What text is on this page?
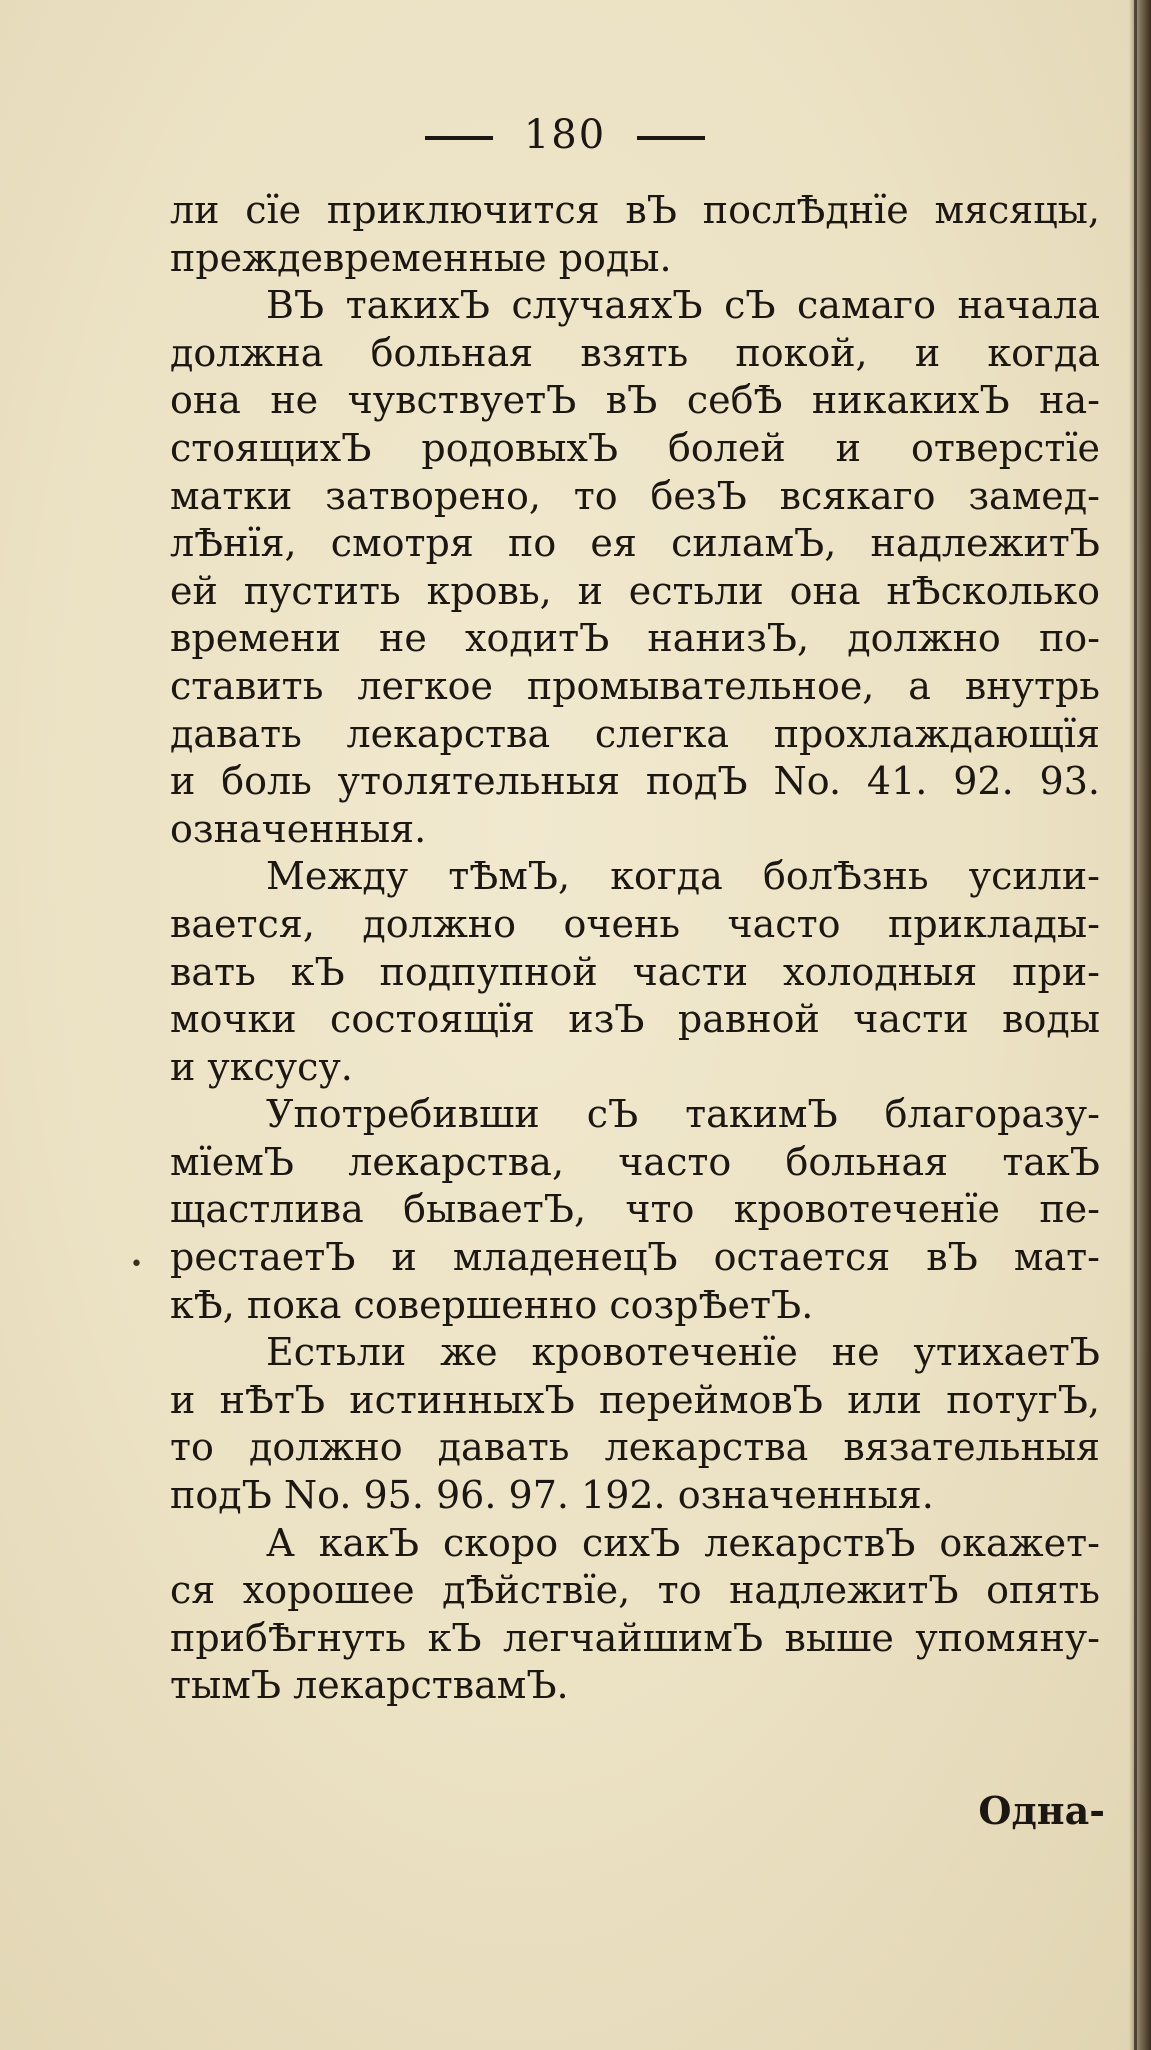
•
180
ли сїе приключится вЪ послѢднїе мясяцы,
преждевременные роды.
ВЪ такихЪ случаяхЪ сЪ самаго начала
должна больная взять покой, и когда
она не чувствуетЪ вЪ себѢ никакихЪ на-
стоящихЪ родовыхЪ болей и отверстїе
матки затворено, то безЪ всякаго замед-
лѢнїя, смотря по ея силамЪ, надлежитЪ
ей пустить кровь, и естьли она нѢсколько
времени не ходитЪ нанизЪ, должно по-
ставить легкое промывательное, а внутрь
давать лекарства слегка прохлаждающїя
и боль утолятельныя подЪ No. 41. 92. 93.
означенныя.
Между тѢмЪ, когда болѢзнь усили-
вается, должно очень часто приклады-
вать кЪ подпупной части холодныя при-
мочки состоящїя изЪ равной части воды
и уксусу.
Употребивши сЪ такимЪ благоразу-
мїемЪ лекарства, часто больная такЪ
щастлива бываетЪ, что кровотеченїе пе-
рестаетЪ и младенецЪ остается вЪ мат-
кѢ, пока совершенно созрѢетЪ.
Естьли же кровотеченїе не утихаетЪ
и нѢтЪ истинныхЪ перeймовЪ или потугЪ,
то должно давать лекарства вязательныя
подЪ No. 95. 96. 97. 192. означенныя.
А какЪ скоро сихЪ лекарствЪ окажет-
ся хорошее дѢйствїе, то надлежитЪ опять
прибѢгнуть кЪ легчайшимЪ выше упомяну-
тымЪ лекарствамЪ.
Одна-
